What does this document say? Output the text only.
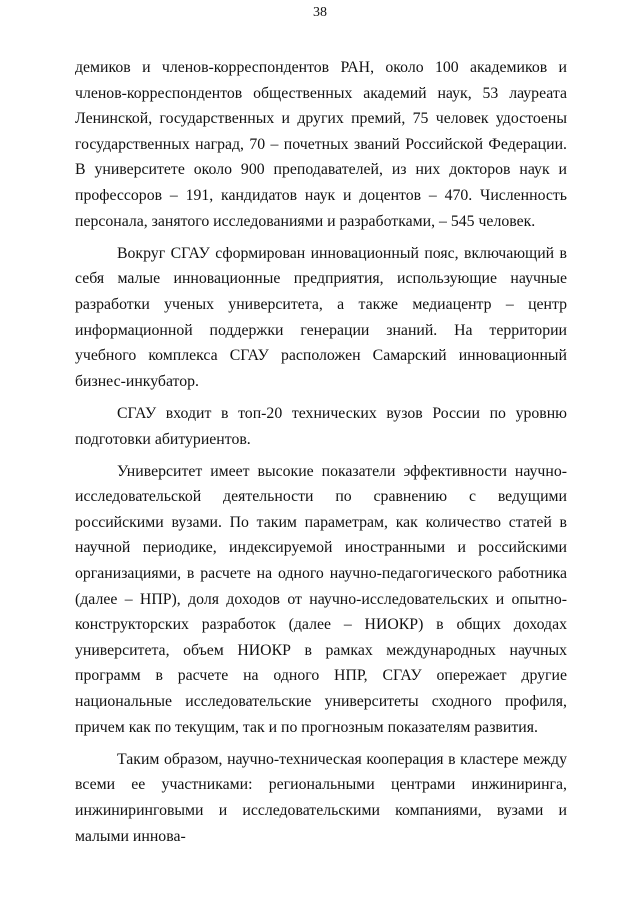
38

демиков и членов-корреспондентов РАН, около 100 академиков и членов-корреспондентов общественных академий наук, 53 лауреата Ленинской, государственных и других премий, 75 человек удостоены государственных наград, 70 – почетных званий Российской Федерации. В университете около 900 преподавателей, из них докторов наук и профессоров – 191, кандидатов наук и доцентов – 470. Численность персонала, занятого исследованиями и разработками, – 545 человек.

Вокруг СГАУ сформирован инновационный пояс, включающий в себя малые инновационные предприятия, использующие научные разработки ученых университета, а также медиацентр – центр информационной поддержки генерации знаний. На территории учебного комплекса СГАУ расположен Самарский инновационный бизнес-инкубатор.

СГАУ входит в топ-20 технических вузов России по уровню подготовки абитуриентов.

Университет имеет высокие показатели эффективности научно-исследовательской деятельности по сравнению с ведущими российскими вузами. По таким параметрам, как количество статей в научной периодике, индексируемой иностранными и российскими организациями, в расчете на одного научно-педагогического работника (далее – НПР), доля доходов от научно-исследовательских и опытно-конструкторских разработок (далее – НИОКР) в общих доходах университета, объем НИОКР в рамках международных научных программ в расчете на одного НПР, СГАУ опережает другие национальные исследовательские университеты сходного профиля, причем как по текущим, так и по прогнозным показателям развития.

Таким образом, научно-техническая кооперация в кластере между всеми ее участниками: региональными центрами инжиниринга, инжиниринговыми и исследовательскими компаниями, вузами и малыми иннова-
